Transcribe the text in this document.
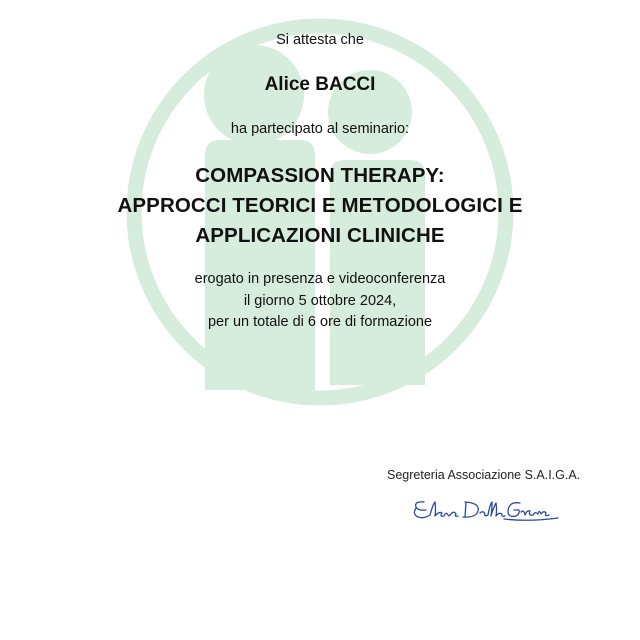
Si attesta che
Alice BACCI
ha partecipato al seminario:
COMPASSION THERAPY:
APPROCCI TEORICI E METODOLOGICI E
APPLICAZIONI CLINICHE
erogato in presenza e videoconferenza
il giorno 5 ottobre 2024,
per un totale di 6 ore di formazione
Segreteria Associazione S.A.I.G.A.
